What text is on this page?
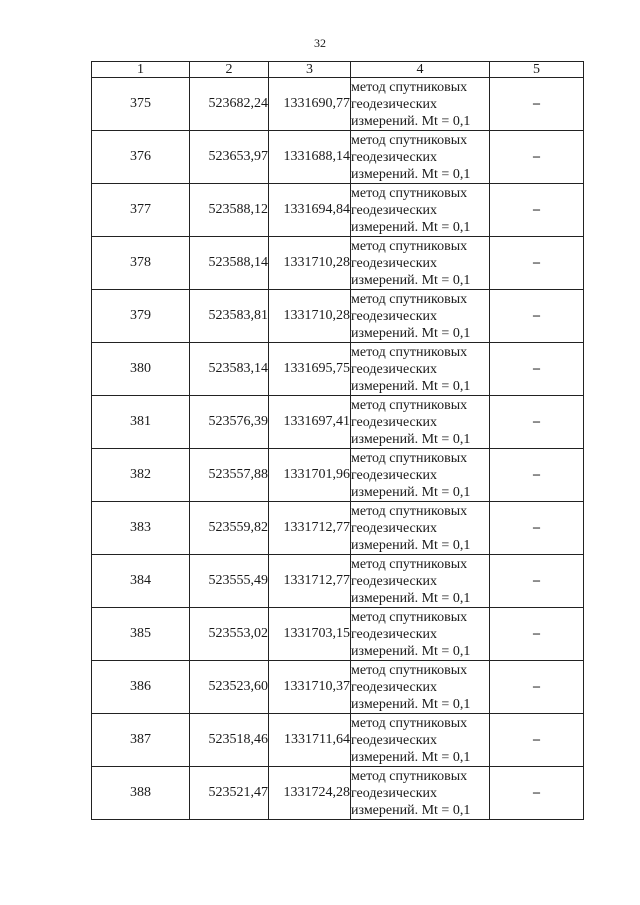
32
1	2	3	4	5
375	523682,24	1331690,77	метод спутниковых
геодезических
измерений. Mt = 0,1	–
376	523653,97	1331688,14	метод спутниковых
геодезических
измерений. Mt = 0,1	–
377	523588,12	1331694,84	метод спутниковых
геодезических
измерений. Mt = 0,1	–
378	523588,14	1331710,28	метод спутниковых
геодезических
измерений. Mt = 0,1	–
379	523583,81	1331710,28	метод спутниковых
геодезических
измерений. Mt = 0,1	–
380	523583,14	1331695,75	метод спутниковых
геодезических
измерений. Mt = 0,1	–
381	523576,39	1331697,41	метод спутниковых
геодезических
измерений. Mt = 0,1	–
382	523557,88	1331701,96	метод спутниковых
геодезических
измерений. Mt = 0,1	–
383	523559,82	1331712,77	метод спутниковых
геодезических
измерений. Mt = 0,1	–
384	523555,49	1331712,77	метод спутниковых
геодезических
измерений. Mt = 0,1	–
385	523553,02	1331703,15	метод спутниковых
геодезических
измерений. Mt = 0,1	–
386	523523,60	1331710,37	метод спутниковых
геодезических
измерений. Mt = 0,1	–
387	523518,46	1331711,64	метод спутниковых
геодезических
измерений. Mt = 0,1	–
388	523521,47	1331724,28	метод спутниковых
геодезических
измерений. Mt = 0,1	–
